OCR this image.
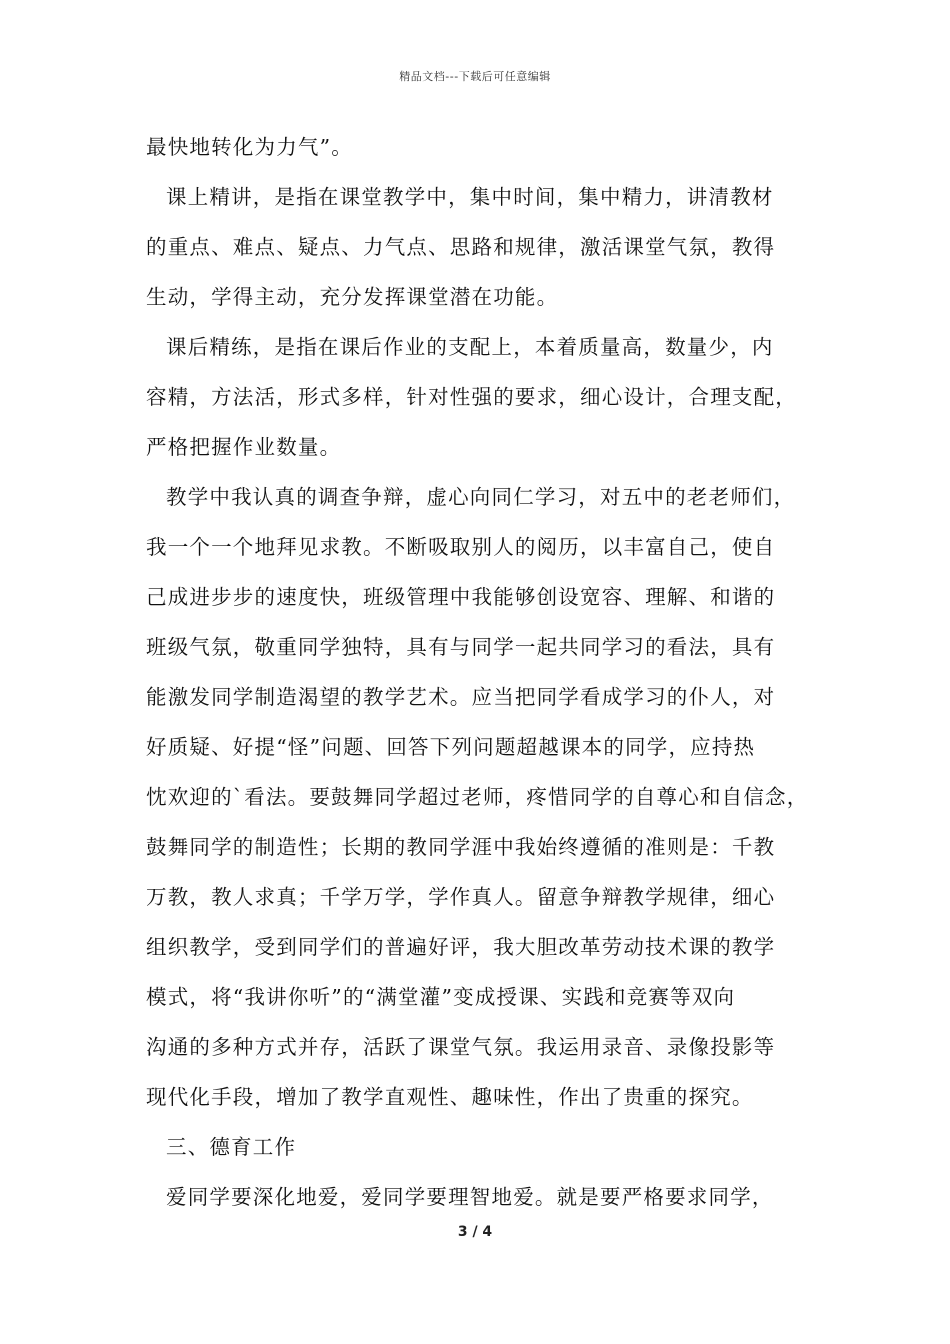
精品文档---下载后可任意编辑
最快地转化为力气”。
课上精讲，是指在课堂教学中，集中时间，集中精力，讲清教材
的重点、难点、疑点、力气点、思路和规律，激活课堂气氛，教得
生动，学得主动，充分发挥课堂潜在功能。
课后精练，是指在课后作业的支配上，本着质量高，数量少，内
容精，方法活，形式多样，针对性强的要求，细心设计，合理支配，
严格把握作业数量。
教学中我认真的调查争辩，虚心向同仁学习，对五中的老老师们，
我一个一个地拜见求教。不断吸取别人的阅历，以丰富自己，使自
己成进步步的速度快，班级管理中我能够创设宽容、理解、和谐的
班级气氛，敬重同学独特，具有与同学一起共同学习的看法，具有
能激发同学制造渴望的教学艺术。应当把同学看成学习的仆人，对
好质疑、好提“怪”问题、回答下列问题超越课本的同学，应持热
忱欢迎的`看法。要鼓舞同学超过老师，疼惜同学的自尊心和自信念，
鼓舞同学的制造性；长期的教同学涯中我始终遵循的准则是：千教
万教，教人求真；千学万学，学作真人。留意争辩教学规律，细心
组织教学，受到同学们的普遍好评，我大胆改革劳动技术课的教学
模式，将“我讲你听”的“满堂灌”变成授课、实践和竞赛等双向
沟通的多种方式并存，活跃了课堂气氛。我运用录音、录像投影等
现代化手段，增加了教学直观性、趣味性，作出了贵重的探究。
三、德育工作
爱同学要深化地爱，爱同学要理智地爱。就是要严格要求同学，
3 / 4
